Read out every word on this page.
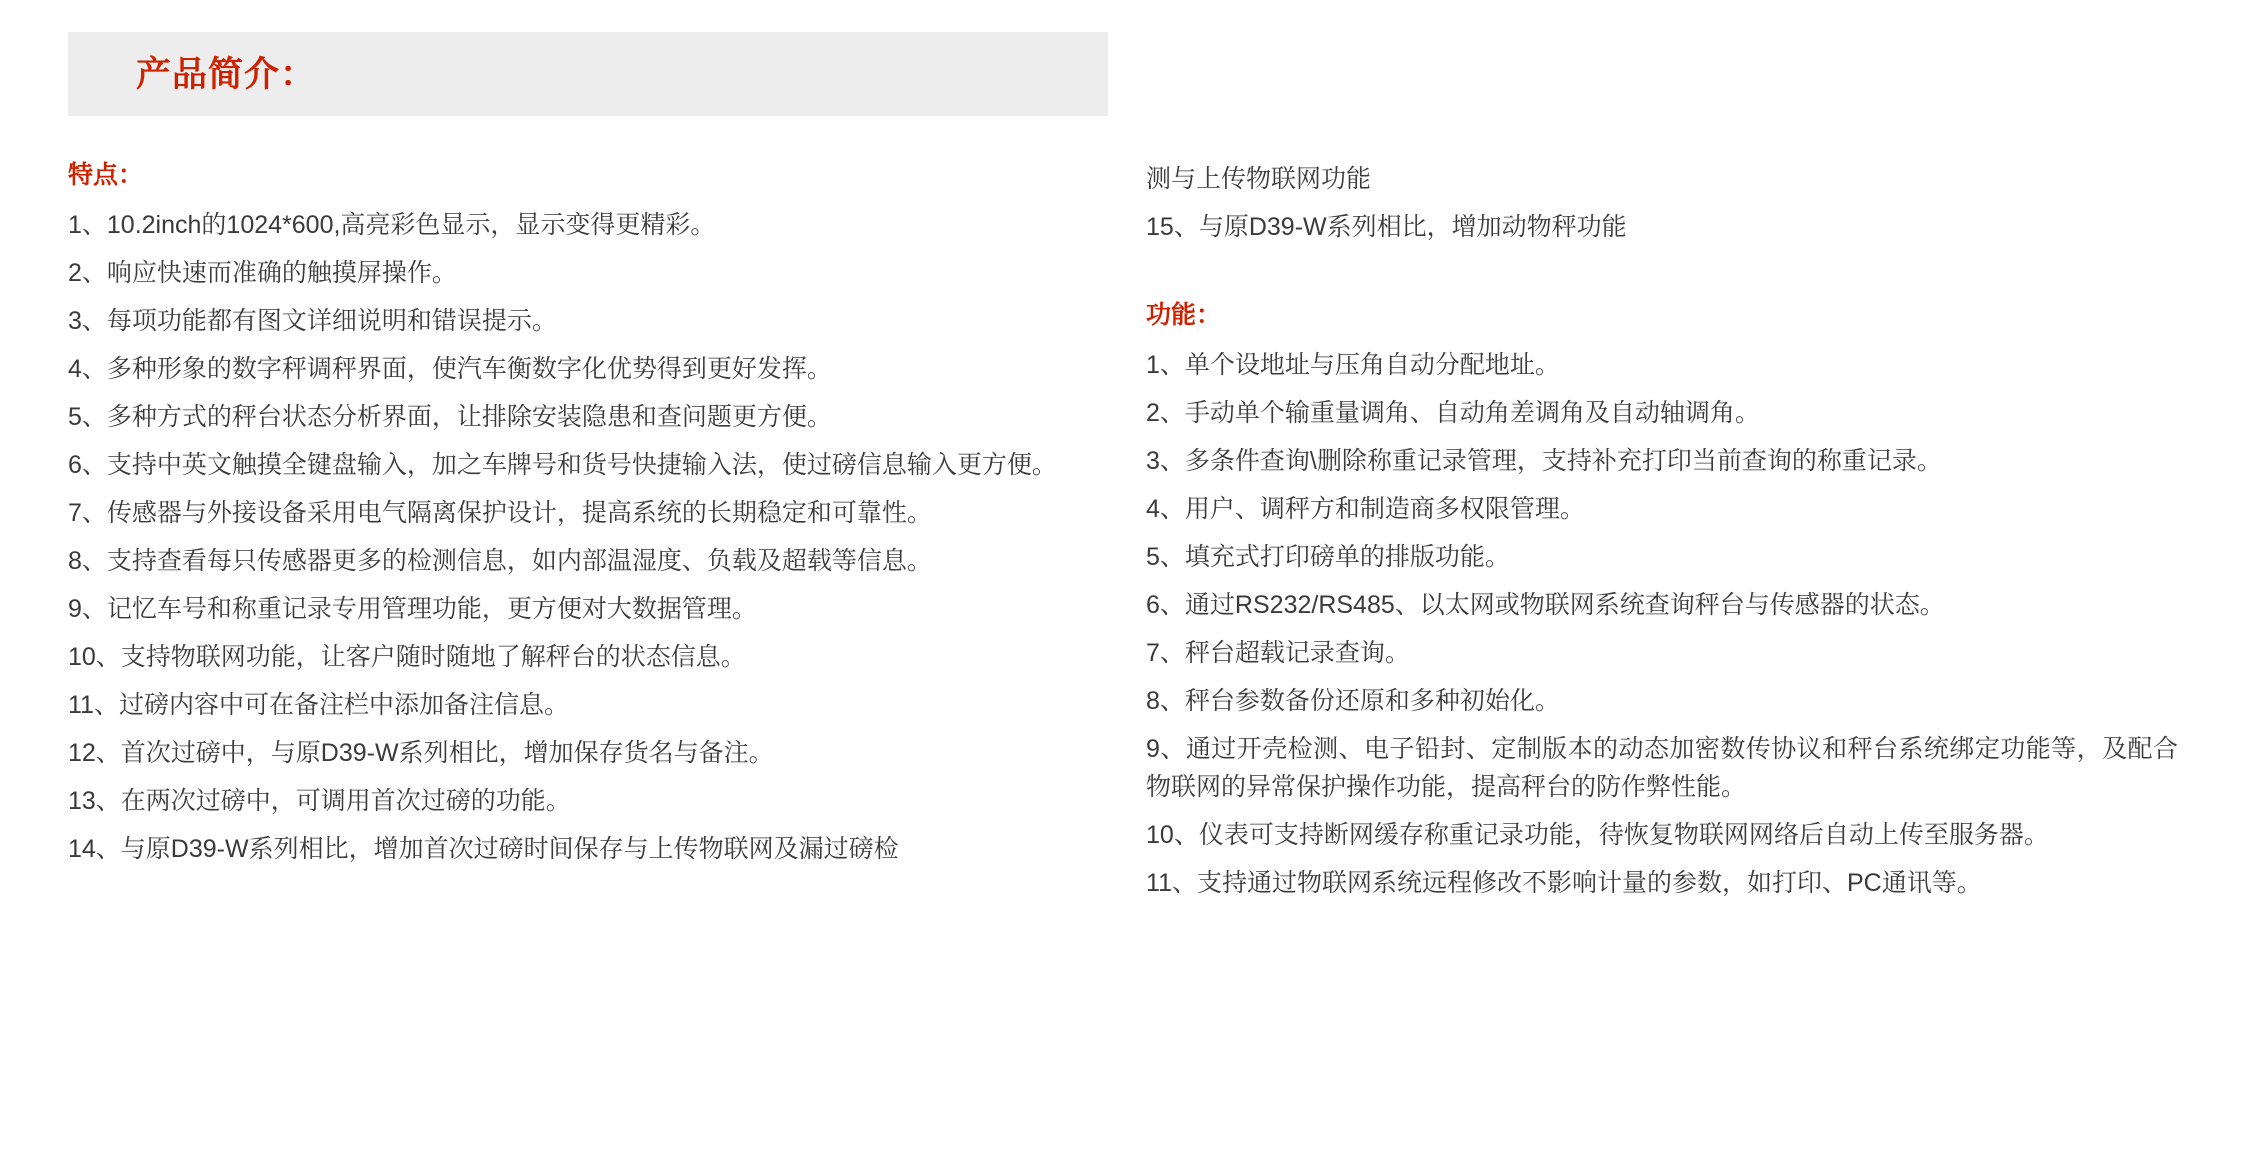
产品简介：
特点：
1、10.2inch的1024*600,高亮彩色显示，显示变得更精彩。
2、响应快速而准确的触摸屏操作。
3、每项功能都有图文详细说明和错误提示。
4、多种形象的数字秤调秤界面，使汽车衡数字化优势得到更好发挥。
5、多种方式的秤台状态分析界面，让排除安装隐患和查问题更方便。
6、支持中英文触摸全键盘输入，加之车牌号和货号快捷输入法，使过磅信息输入更方便。
7、传感器与外接设备采用电气隔离保护设计，提高系统的长期稳定和可靠性。
8、支持查看每只传感器更多的检测信息，如内部温湿度、负载及超载等信息。
9、记忆车号和称重记录专用管理功能，更方便对大数据管理。
10、支持物联网功能，让客户随时随地了解秤台的状态信息。
11、过磅内容中可在备注栏中添加备注信息。
12、首次过磅中，与原D39-W系列相比，增加保存货名与备注。
13、在两次过磅中，可调用首次过磅的功能。
14、与原D39-W系列相比，增加首次过磅时间保存与上传物联网及漏过磅检
测与上传物联网功能
15、与原D39-W系列相比，增加动物秤功能
功能：
1、单个设地址与压角自动分配地址。
2、手动单个输重量调角、自动角差调角及自动轴调角。
3、多条件查询\删除称重记录管理，支持补充打印当前查询的称重记录。
4、用户、调秤方和制造商多权限管理。
5、填充式打印磅单的排版功能。
6、通过RS232/RS485、以太网或物联网系统查询秤台与传感器的状态。
7、秤台超载记录查询。
8、秤台参数备份还原和多种初始化。
9、通过开壳检测、电子铅封、定制版本的动态加密数传协议和秤台系统绑定功能等，及配合物联网的异常保护操作功能，提高秤台的防作弊性能。
10、仪表可支持断网缓存称重记录功能，待恢复物联网网络后自动上传至服务器。
11、支持通过物联网系统远程修改不影响计量的参数，如打印、PC通讯等。
